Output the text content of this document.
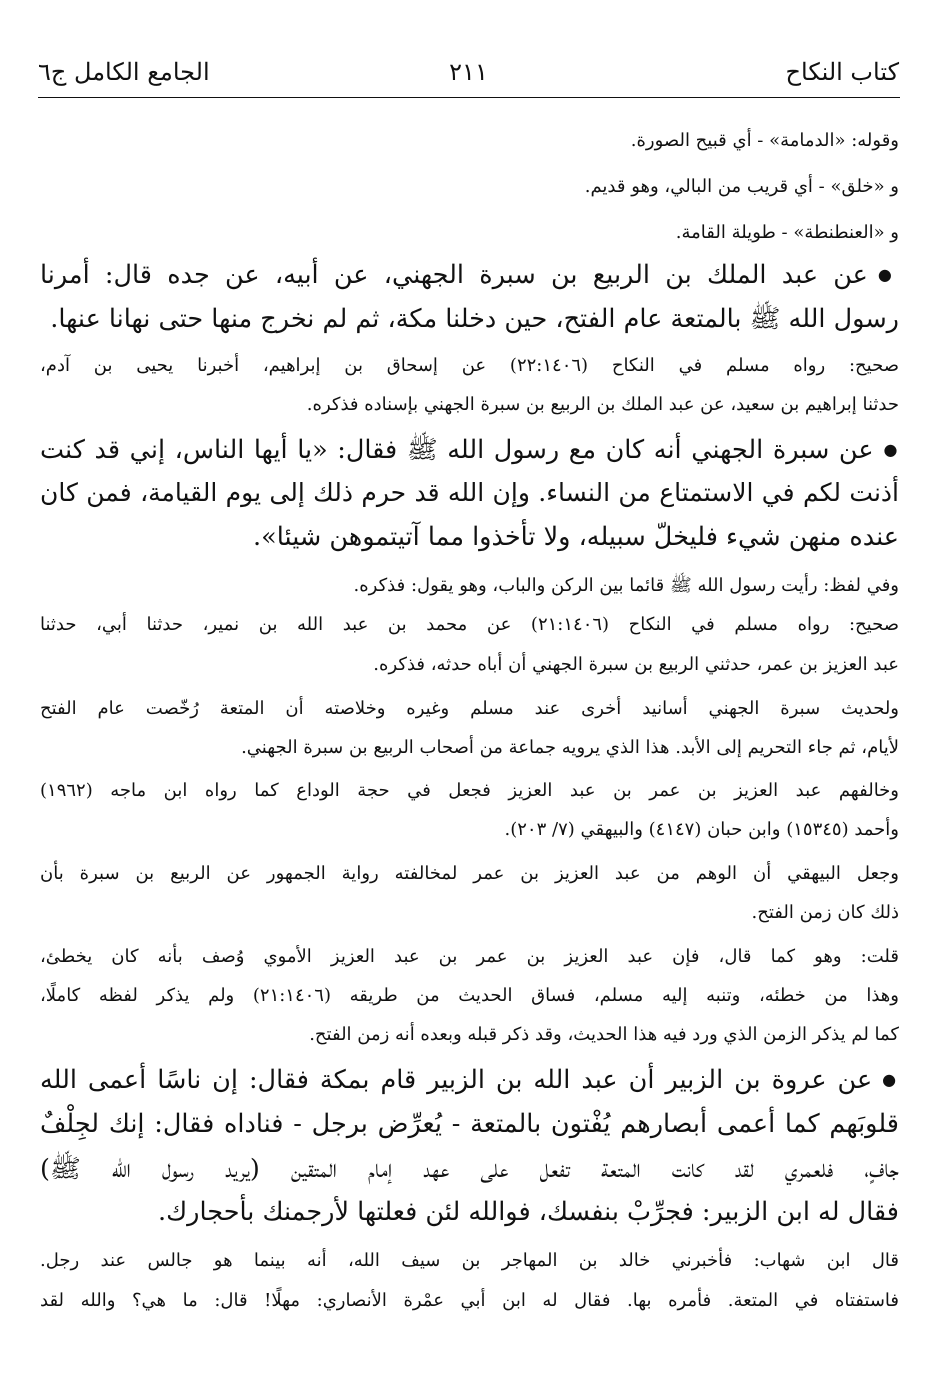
كتاب النكاح
٢١١
الجامع الكامل ج٦
وقوله: «الدمامة» - أي قبيح الصورة.
و «خلق» - أي قريب من البالي، وهو قديم.
و «العنطنطة» - طويلة القامة.
● عن عبد الملك بن الربيع بن سبرة الجهني، عن أبيه، عن جده قال: أمرنا
رسول الله ﷺ بالمتعة عام الفتح، حين دخلنا مكة، ثم لم نخرج منها حتى نهانا عنها.
صحيح: رواه مسلم في النكاح (٢٢:١٤٠٦) عن إسحاق بن إبراهيم، أخبرنا يحيى بن آدم،
حدثنا إبراهيم بن سعيد، عن عبد الملك بن الربيع بن سبرة الجهني بإسناده فذكره.
● عن سبرة الجهني أنه كان مع رسول الله ﷺ فقال: «يا أيها الناس، إني قد كنت
أذنت لكم في الاستمتاع من النساء. وإن الله قد حرم ذلك إلى يوم القيامة، فمن كان
عنده منهن شيء فليخلّ سبيله، ولا تأخذوا مما آتيتموهن شيئا».
وفي لفظ: رأيت رسول الله ﷺ قائما بين الركن والباب، وهو يقول: فذكره.
صحيح: رواه مسلم في النكاح (٢١:١٤٠٦) عن محمد بن عبد الله بن نمير، حدثنا أبي، حدثنا
عبد العزيز بن عمر، حدثني الربيع بن سبرة الجهني أن أباه حدثه، فذكره.
ولحديث سبرة الجهني أسانيد أخرى عند مسلم وغيره وخلاصته أن المتعة رُخّصت عام الفتح
لأيام، ثم جاء التحريم إلى الأبد. هذا الذي يرويه جماعة من أصحاب الربيع بن سبرة الجهني.
وخالفهم عبد العزيز بن عمر بن عبد العزيز فجعل في حجة الوداع كما رواه ابن ماجه (١٩٦٢)
وأحمد (١٥٣٤٥) وابن حبان (٤١٤٧) والبيهقي (٧/ ٢٠٣).
وجعل البيهقي أن الوهم من عبد العزيز بن عمر لمخالفته رواية الجمهور عن الربيع بن سبرة بأن
ذلك كان زمن الفتح.
قلت: وهو كما قال، فإن عبد العزيز بن عمر بن عبد العزيز الأموي وُصف بأنه كان يخطئ،
وهذا من خطئه، وتنبه إليه مسلم، فساق الحديث من طريقه (٢١:١٤٠٦) ولم يذكر لفظه كاملًا،
كما لم يذكر الزمن الذي ورد فيه هذا الحديث، وقد ذكر قبله وبعده أنه زمن الفتح.
● عن عروة بن الزبير أن عبد الله بن الزبير قام بمكة فقال: إن ناسًا أعمى الله
قلوبَهم كما أعمى أبصارهم يُفْتون بالمتعة - يُعرِّض برجل - فناداه فقال: إنك لجِلْفٌ
جافٍ، فلعمري لقد كانت المتعة تفعل على عهد إمام المتقين (يريد رسول الله ﷺ)
فقال له ابن الزبير: فجرِّبْ بنفسك، فوالله لئن فعلتها لأرجمنك بأحجارك.
قال ابن شهاب: فأخبرني خالد بن المهاجر بن سيف الله، أنه بينما هو جالس عند رجل.
فاستفتاه في المتعة. فأمره بها. فقال له ابن أبي عمْرة الأنصاري: مهلًا! قال: ما هي؟ والله لقد
